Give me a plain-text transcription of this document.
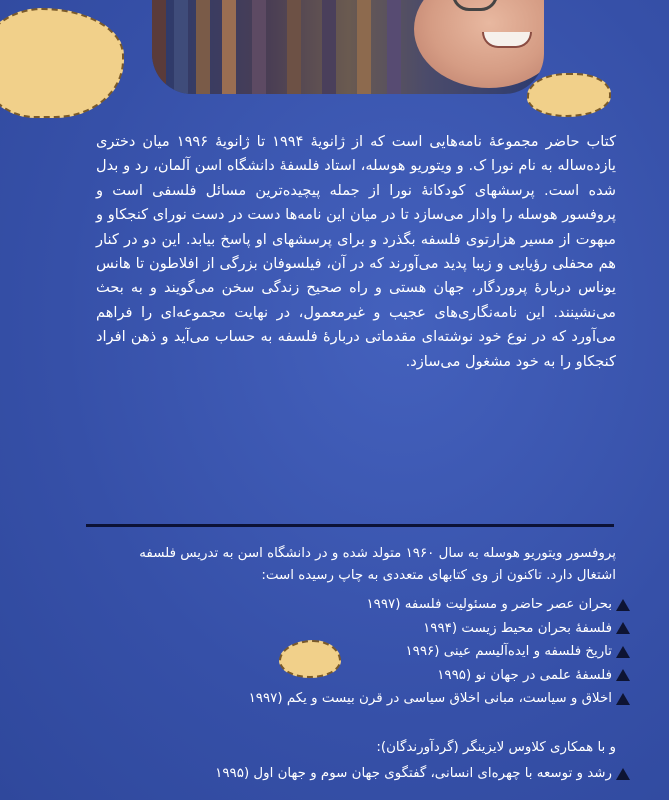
کتاب حاضر مجموعهٔ نامه‌هایی است که از ژانویهٔ ۱۹۹۴ تا ژانویهٔ ۱۹۹۶ میان دختری یازده‌ساله به نام نورا ک. و ویتوریو هوسله، استاد فلسفهٔ دانشگاه اسن آلمان، رد و بدل شده است. پرسشهای کودکانهٔ نورا از جمله پیچیده‌ترین مسائل فلسفی است و پروفسور هوسله را وادار می‌سازد تا در میان این نامه‌ها دست در دست نورای کنجکاو و مبهوت از مسیر هزارتوی فلسفه بگذرد و برای پرسشهای او پاسخ بیابد. این دو در کنار هم محفلی رؤیایی و زیبا پدید می‌آورند که در آن، فیلسوفان بزرگی از افلاطون تا هانس یوناس دربارهٔ پروردگار، جهان هستی و راه صحیح زندگی سخن می‌گویند و به بحث می‌نشینند. این نامه‌نگاری‌های عجیب و غیرمعمول، در نهایت مجموعه‌ای را فراهم می‌آورد که در نوع خود نوشته‌ای مقدماتی دربارهٔ فلسفه به حساب می‌آید و ذهن افراد کنجکاو را به خود مشغول می‌سازد.

پروفسور ویتوریو هوسله به سال ۱۹۶۰ متولد شده و در دانشگاه اسن به تدریس فلسفه اشتغال دارد. تاکنون از وی کتابهای متعددی به چاپ رسیده است:

بحران عصر حاضر و مسئولیت فلسفه (۱۹۹۷
فلسفهٔ بحران محیط زیست (۱۹۹۴
تاریخ فلسفه و ایده‌آلیسم عینی (۱۹۹۶
فلسفهٔ علمی در جهان نو (۱۹۹۵
اخلاق و سیاست، مبانی اخلاق سیاسی در قرن بیست و یکم (۱۹۹۷

و با همکاری کلاوس لایزینگر (گردآورندگان):

رشد و توسعه با چهره‌ای انسانی، گفتگوی جهان سوم و جهان اول (۱۹۹۵
